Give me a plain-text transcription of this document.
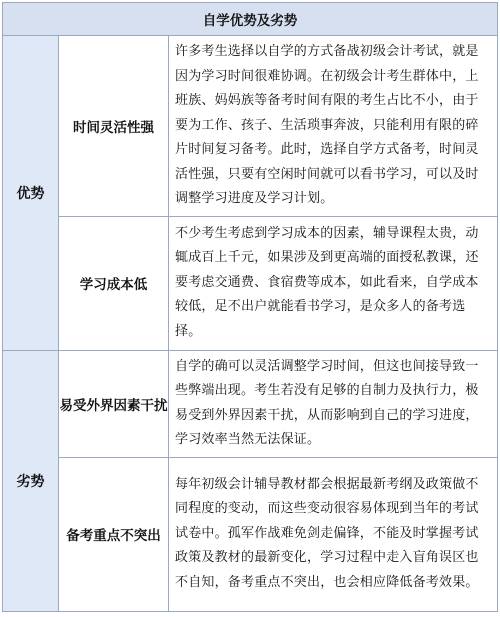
自学优势及劣势		
优势	时间灵活性强	许多考生选择以自学的方式备战初级会计考试，就是因为学习时间很难协调。在初级会计考生群体中，上班族、妈妈族等备考时间有限的考生占比不小，由于要为工作、孩子、生活琐事奔波，只能利用有限的碎片时间复习备考。此时，选择自学方式备考，时间灵活性强，只要有空闲时间就可以看书学习，可以及时调整学习进度及学习计划。
	学习成本低	不少考生考虑到学习成本的因素，辅导课程太贵，动辄成百上千元，如果涉及到更高端的面授私教课，还要考虑交通费、食宿费等成本，如此看来，自学成本较低，足不出户就能看书学习，是众多人的备考选择。
劣势	易受外界因素干扰	自学的确可以灵活调整学习时间，但这也间接导致一些弊端出现。考生若没有足够的自制力及执行力，极易受到外界因素干扰，从而影响到自己的学习进度，学习效率当然无法保证。
	备考重点不突出	每年初级会计辅导教材都会根据最新考纲及政策做不同程度的变动，而这些变动很容易体现到当年的考试试卷中。孤军作战难免剑走偏锋，不能及时掌握考试政策及教材的最新变化，学习过程中走入盲角误区也不自知，备考重点不突出，也会相应降低备考效果。
